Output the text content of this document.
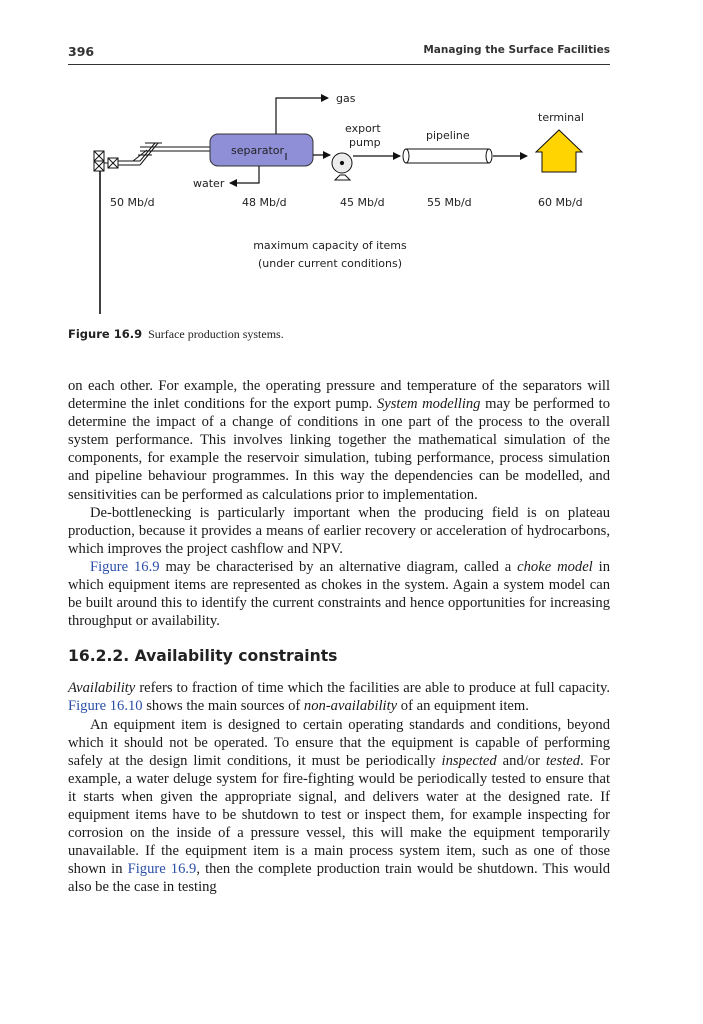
396	Managing the Surface Facilities
separator
gas
water
export
pump
pipeline
terminal
50 Mb/d	48 Mb/d	45 Mb/d	55 Mb/d	60 Mb/d
maximum capacity of items
(under current conditions)
Figure 16.9 Surface production systems.

on each other. For example, the operating pressure and temperature of the separators will determine the inlet conditions for the export pump. System modelling may be performed to determine the impact of a change of conditions in one part of the process to the overall system performance. This involves linking together the mathematical simulation of the components, for example the reservoir simulation, tubing performance, process simulation and pipeline behaviour programmes. In this way the dependencies can be modelled, and sensitivities can be performed as calculations prior to implementation.

De-bottlenecking is particularly important when the producing field is on plateau production, because it provides a means of earlier recovery or acceleration of hydrocarbons, which improves the project cashflow and NPV.

Figure 16.9 may be characterised by an alternative diagram, called a choke model in which equipment items are represented as chokes in the system. Again a system model can be built around this to identify the current constraints and hence opportunities for increasing throughput or availability.

16.2.2. Availability constraints

Availability refers to fraction of time which the facilities are able to produce at full capacity. Figure 16.10 shows the main sources of non-availability of an equipment item.

An equipment item is designed to certain operating standards and conditions, beyond which it should not be operated. To ensure that the equipment is capable of performing safely at the design limit conditions, it must be periodically inspected and/or tested. For example, a water deluge system for fire-fighting would be periodically tested to ensure that it starts when given the appropriate signal, and delivers water at the designed rate. If equipment items have to be shutdown to test or inspect them, for example inspecting for corrosion on the inside of a pressure vessel, this will make the equipment temporarily unavailable. If the equipment item is a main process system item, such as one of those shown in Figure 16.9, then the complete production train would be shutdown. This would also be the case in testing
